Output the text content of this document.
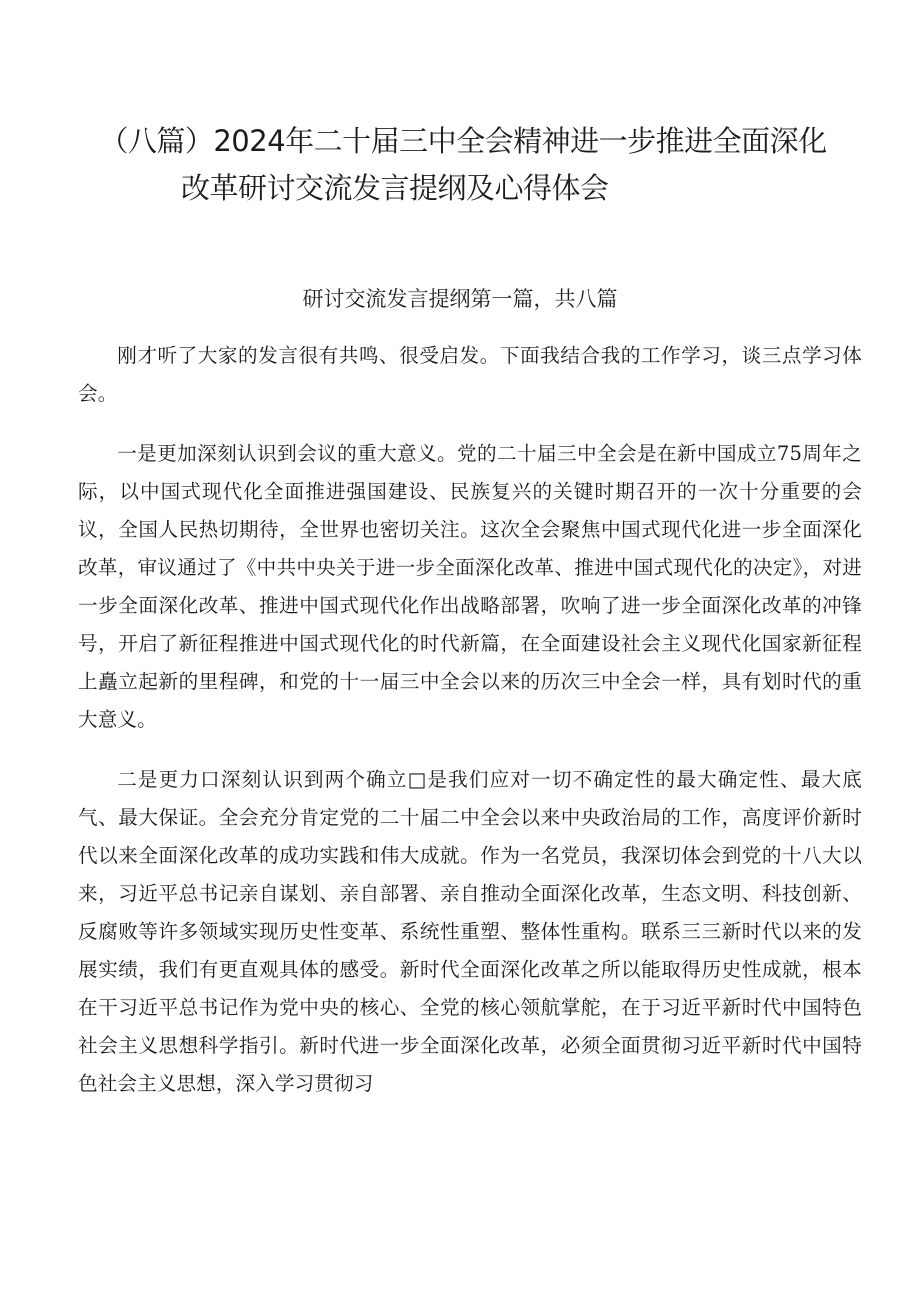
（八篇）2024年二十届三中全会精神进一步推进全面深化
改革研讨交流发言提纲及心得体会
研讨交流发言提纲第一篇，共八篇

刚才听了大家的发言很有共鸣、很受启发。下面我结合我的工作学习，谈三点学习体会。

一是更加深刻认识到会议的重大意义。党的二十届三中全会是在新中国成立75周年之际，以中国式现代化全面推进强国建设、民族复兴的关键时期召开的一次十分重要的会议，全国人民热切期待，全世界也密切关注。这次全会聚焦中国式现代化进一步全面深化改革，审议通过了《中共中央关于进一步全面深化改革、推进中国式现代化的决定》，对进一步全面深化改革、推进中国式现代化作出战略部署，吹响了进一步全面深化改革的冲锋号，开启了新征程推进中国式现代化的时代新篇，在全面建设社会主义现代化国家新征程上矗立起新的里程碑，和党的十一届三中全会以来的历次三中全会一样，具有划时代的重大意义。

二是更力口深刻认识到两个确立□是我们应对一切不确定性的最大确定性、最大底气、最大保证。全会充分肯定党的二十届二中全会以来中央政治局的工作，高度评价新时代以来全面深化改革的成功实践和伟大成就。作为一名党员，我深切体会到党的十八大以来，习近平总书记亲自谋划、亲自部署、亲自推动全面深化改革，生态文明、科技创新、反腐败等许多领域实现历史性变革、系统性重塑、整体性重构。联系三三新时代以来的发展实绩，我们有更直观具体的感受。新时代全面深化改革之所以能取得历史性成就，根本在干习近平总书记作为党中央的核心、全党的核心领航掌舵，在于习近平新时代中国特色社会主义思想科学指引。新时代进一步全面深化改革，必须全面贯彻习近平新时代中国特色社会主义思想，深入学习贯彻习
